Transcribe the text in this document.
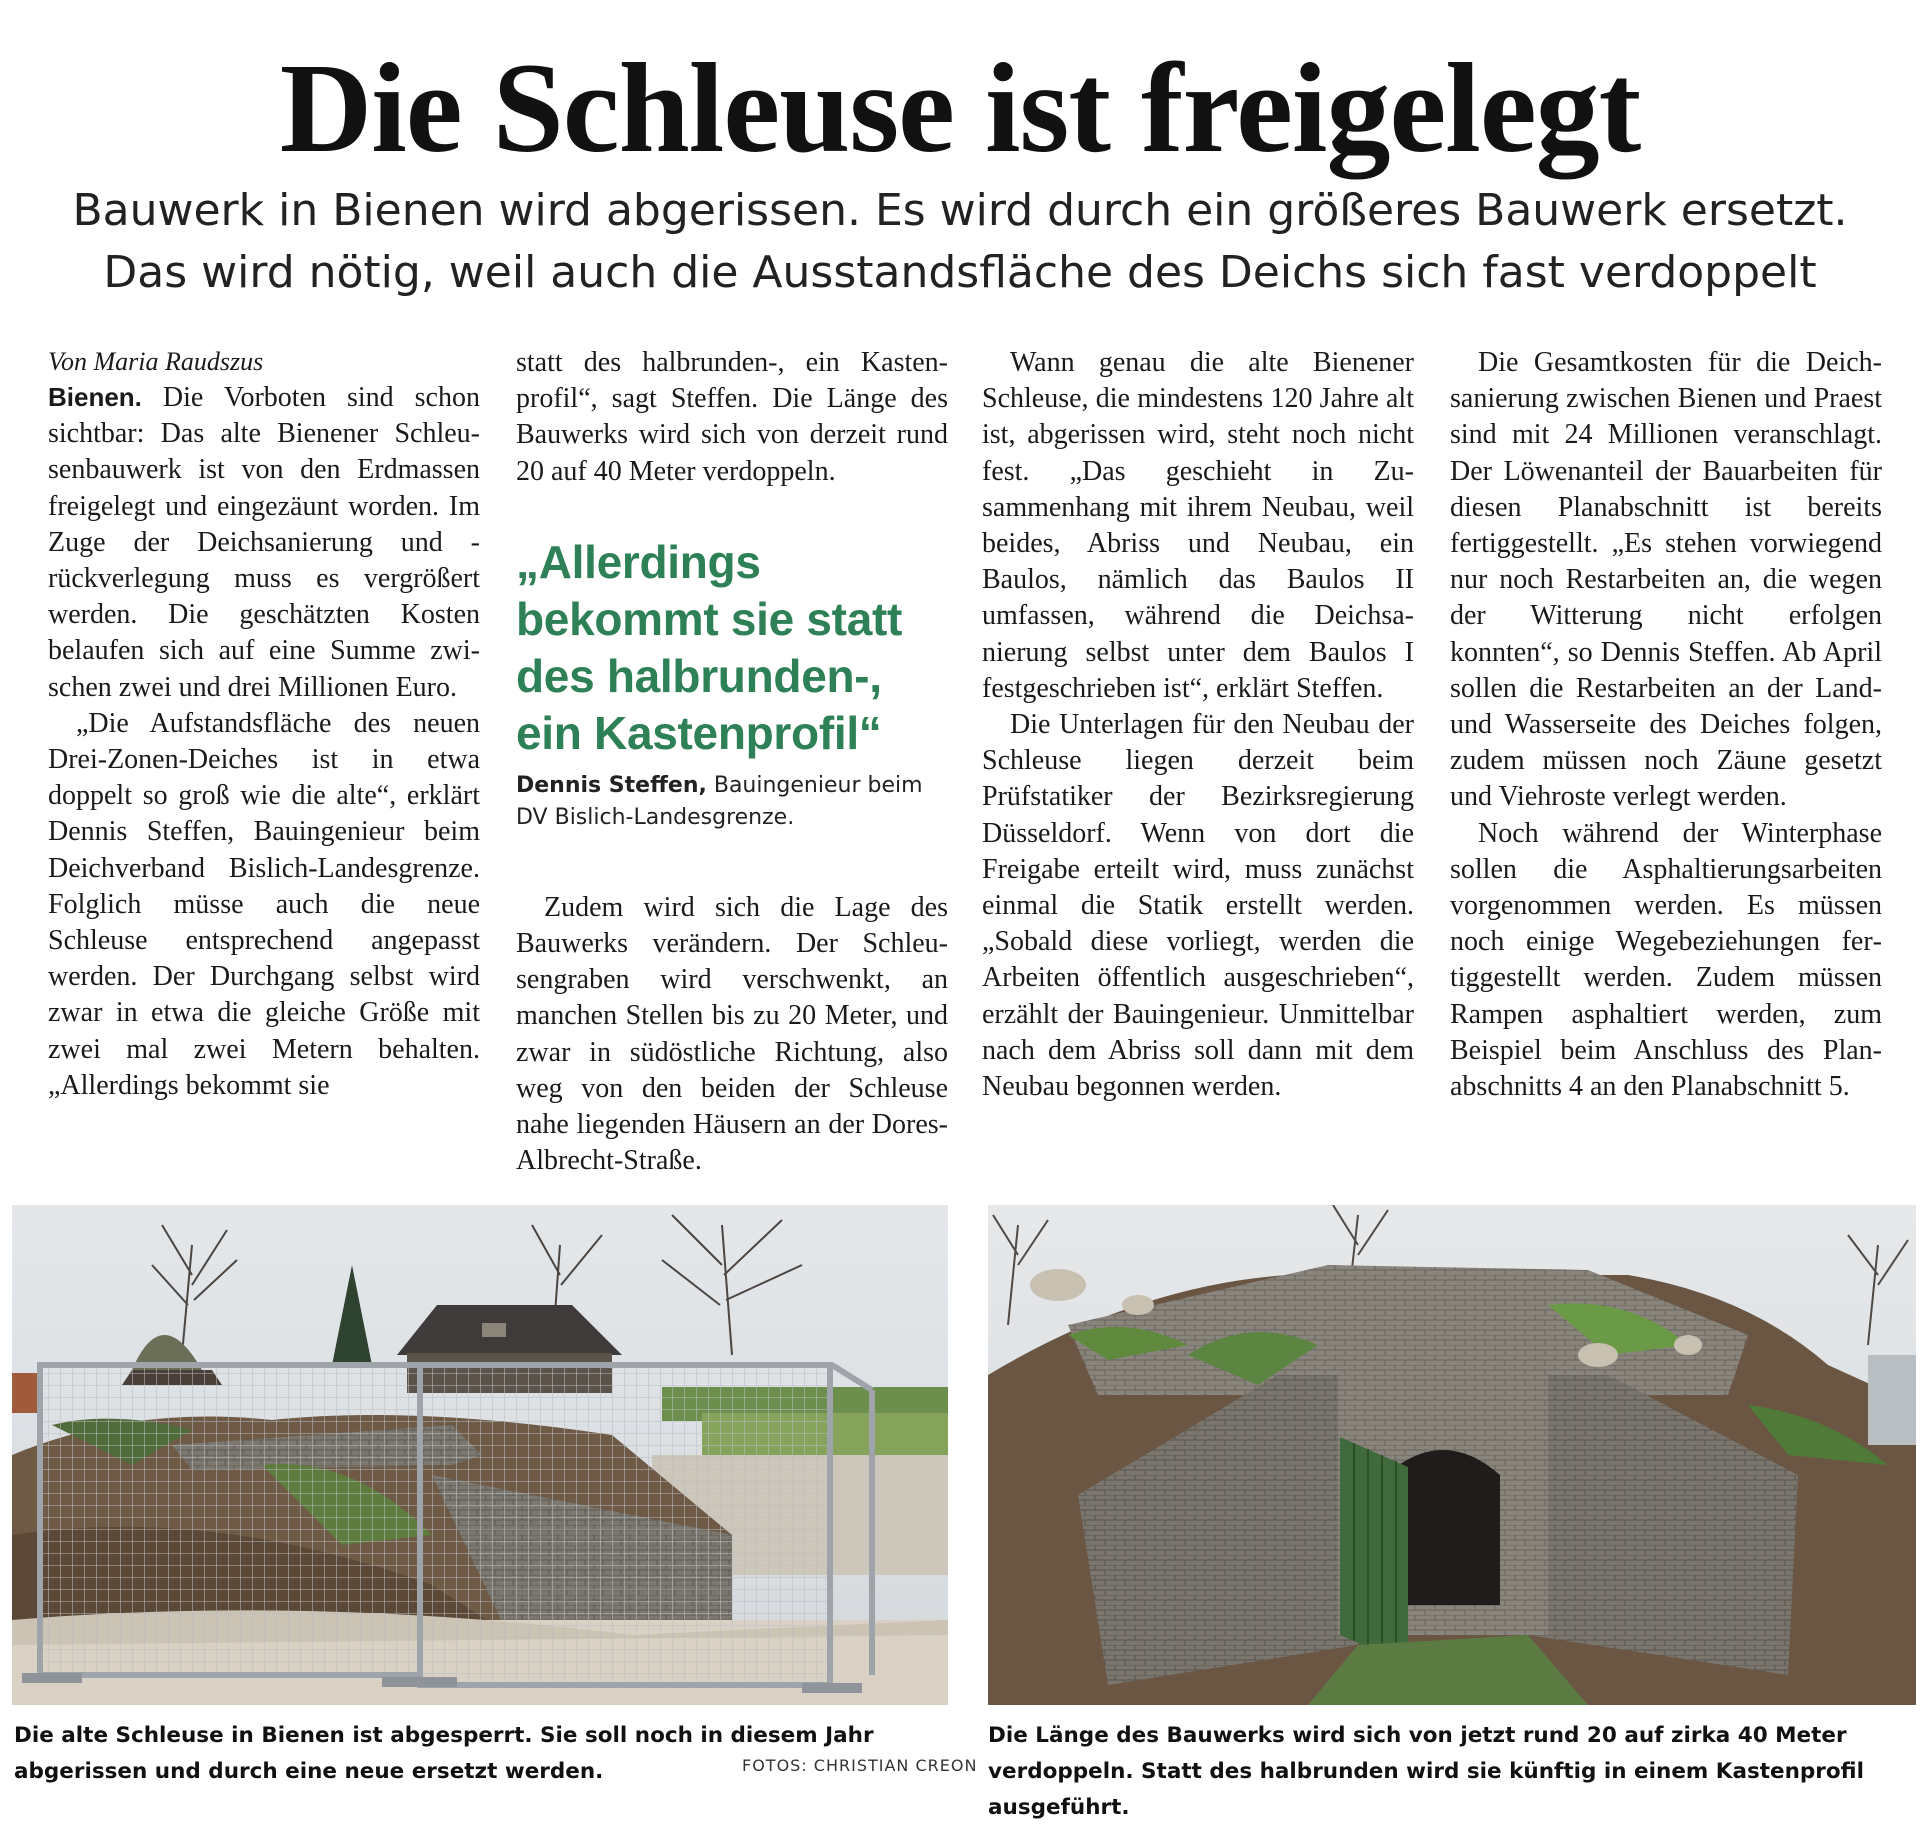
Die Schleuse ist freigelegt
Bauwerk in Bienen wird abgerissen. Es wird durch ein größeres Bauwerk ersetzt.
Das wird nötig, weil auch die Ausstandsfläche des Deichs sich fast verdoppelt

Von Maria Raudszus

Bienen. Die Vorboten sind schon sichtbar: Das alte Bienener Schleusenbauwerk ist von den Erdmassen freigelegt und eingezäunt worden. Im Zuge der Deichsanierung und -rückverlegung muss es vergrößert werden. Die geschätzten Kosten belaufen sich auf eine Summe zwischen zwei und drei Millionen Euro.

„Die Aufstandsfläche des neuen Drei-Zonen-Deiches ist in etwa doppelt so groß wie die alte“, erklärt Dennis Steffen, Bauingenieur beim Deichverband Bislich-Landesgrenze. Folglich müsse auch die neue Schleuse entsprechend angepasst werden. Der Durchgang selbst wird zwar in etwa die gleiche Größe mit zwei mal zwei Metern behalten. „Allerdings bekommt sie

statt des halbrunden-, ein Kastenprofil“, sagt Steffen. Die Länge des Bauwerks wird sich von derzeit rund 20 auf 40 Meter verdoppeln.

„Allerdings bekommt sie statt des halbrunden-, ein Kastenprofil“
Dennis Steffen, Bauingenieur beim DV Bislich-Landesgrenze.

Zudem wird sich die Lage des Bauwerks verändern. Der Schleusengraben wird verschwenkt, an manchen Stellen bis zu 20 Meter, und zwar in südöstliche Richtung, also weg von den beiden der Schleuse nahe liegenden Häusern an der Dores-Albrecht-Straße.

Wann genau die alte Bienener Schleuse, die mindestens 120 Jahre alt ist, abgerissen wird, steht noch nicht fest. „Das geschieht in Zusammenhang mit ihrem Neubau, weil beides, Abriss und Neubau, ein Baulos, nämlich das Baulos II umfassen, während die Deichsanierung selbst unter dem Baulos I festgeschrieben ist“, erklärt Steffen.

Die Unterlagen für den Neubau der Schleuse liegen derzeit beim Prüfstatiker der Bezirksregierung Düsseldorf. Wenn von dort die Freigabe erteilt wird, muss zunächst einmal die Statik erstellt werden. „Sobald diese vorliegt, werden die Arbeiten öffentlich ausgeschrieben“, erzählt der Bauingenieur. Unmittelbar nach dem Abriss soll dann mit dem Neubau begonnen werden.

Die Gesamtkosten für die Deichsanierung zwischen Bienen und Praest sind mit 24 Millionen veranschlagt. Der Löwenanteil der Bauarbeiten für diesen Planabschnitt ist bereits fertiggestellt. „Es stehen vorwiegend nur noch Restarbeiten an, die wegen der Witterung nicht erfolgen konnten“, so Dennis Steffen. Ab April sollen die Restarbeiten an der Land- und Wasserseite des Deiches folgen, zudem müssen noch Zäune gesetzt und Viehroste verlegt werden.

Noch während der Winterphase sollen die Asphaltierungsarbeiten vorgenommen werden. Es müssen noch einige Wegebeziehungen fertiggestellt werden. Zudem müssen Rampen asphaltiert werden, zum Beispiel beim Anschluss des Planabschnitts 4 an den Planabschnitt 5.

Die alte Schleuse in Bienen ist abgesperrt. Sie soll noch in diesem Jahr abgerissen und durch eine neue ersetzt werden.	FOTOS: CHRISTIAN CREON
Die Länge des Bauwerks wird sich von jetzt rund 20 auf zirka 40 Meter verdoppeln. Statt des halbrunden wird sie künftig in einem Kastenprofil ausgeführt.
